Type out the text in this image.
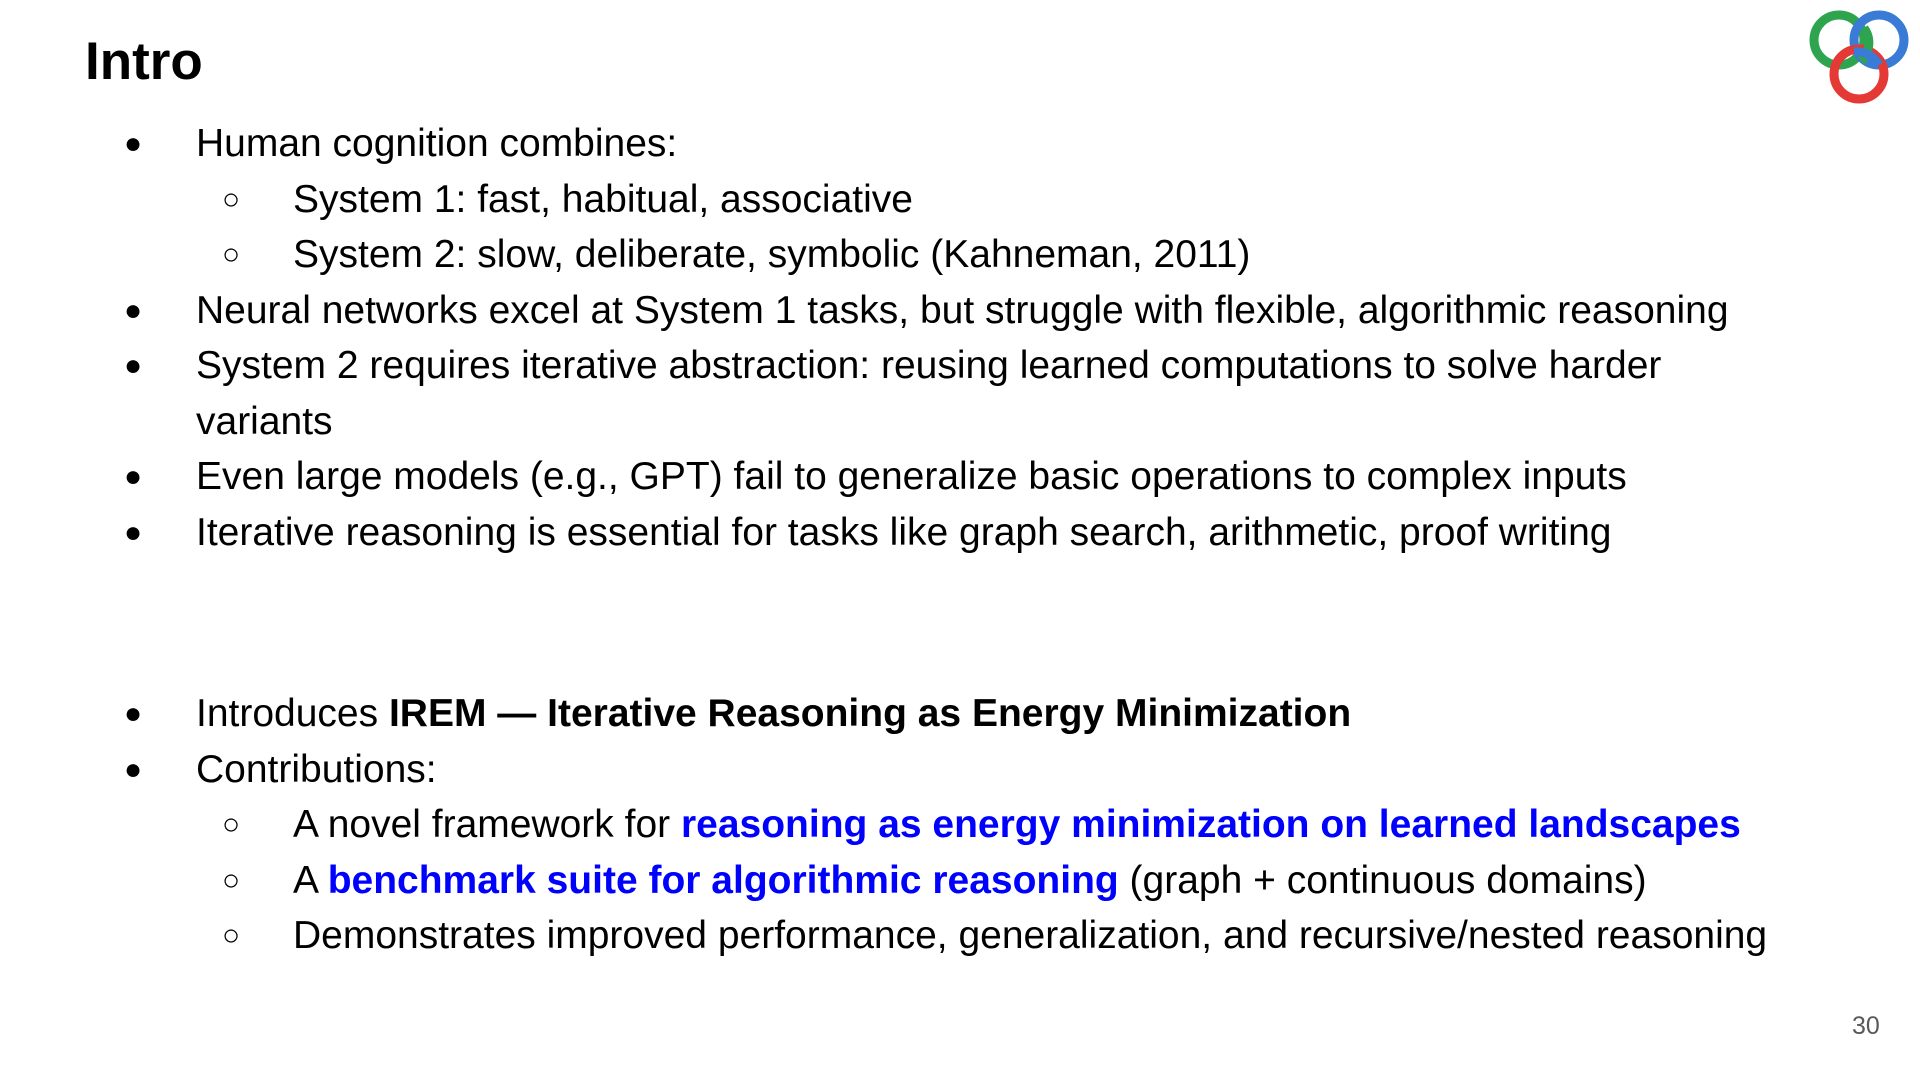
Intro
●	Human cognition combines:
○	System 1: fast, habitual, associative
○	System 2: slow, deliberate, symbolic (Kahneman, 2011)
●	Neural networks excel at System 1 tasks, but struggle with flexible, algorithmic reasoning
●	System 2 requires iterative abstraction: reusing learned computations to solve harder
variants
●	Even large models (e.g., GPT) fail to generalize basic operations to complex inputs
●	Iterative reasoning is essential for tasks like graph search, arithmetic, proof writing
●	Introduces IREM — Iterative Reasoning as Energy Minimization
●	Contributions:
○	A novel framework for reasoning as energy minimization on learned landscapes
○	A benchmark suite for algorithmic reasoning (graph + continuous domains)
○	Demonstrates improved performance, generalization, and recursive/nested reasoning
30
